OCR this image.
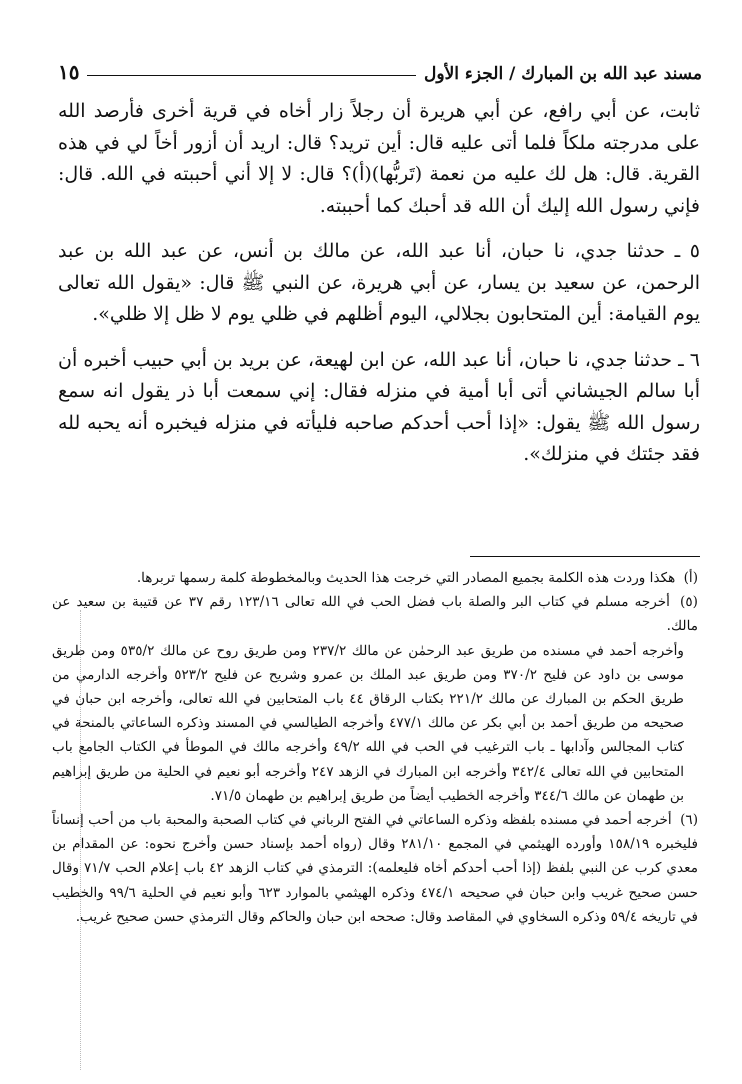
مسند عبد الله بن المبارك / الجزء الأول
١٥

ثابت، عن أبي رافع، عن أبي هريرة أن رجلاً زار أخاه في قرية أخرى فأرصد الله على مدرجته ملكاً فلما أتى عليه قال: أين تريد؟ قال: اريد أن أزور أخاً لي في هذه القرية. قال: هل لك عليه من نعمة (تَربُّها)(أ)؟ قال: لا إلا أني أحببته في الله. قال: فإني رسول الله إليك أن الله قد أحبك كما أحببته.

٥ ـ حدثنا جدي، نا حبان، أنا عبد الله، عن مالك بن أنس، عن عبد الله بن عبد الرحمن، عن سعيد بن يسار، عن أبي هريرة، عن النبي ﷺ قال: «يقول الله تعالى يوم القيامة: أين المتحابون بجلالي، اليوم أظلهم في ظلي يوم لا ظل إلا ظلي».

٦ ـ حدثنا جدي، نا حبان، أنا عبد الله، عن ابن لهيعة، عن بريد بن أبي حبيب أخبره أن أبا سالم الجيشاني أتى أبا أمية في منزله فقال: إني سمعت أبا ذر يقول انه سمع رسول الله ﷺ يقول: «إذا أحب أحدكم صاحبه فليأته في منزله فيخبره أنه يحبه لله فقد جئتك في منزلك».

(أ) هكذا وردت هذه الكلمة بجميع المصادر التي خرجت هذا الحديث وبالمخطوطة كلمة رسمها تربرها.

(٥) أخرجه مسلم في كتاب البر والصلة باب فضل الحب في الله تعالى ١٢٣/١٦ رقم ٣٧ عن قتيبة بن سعيد عن مالك.

وأخرجه أحمد في مسنده من طريق عبد الرحمٰن عن مالك ٢٣٧/٢ ومن طريق روح عن مالك ٥٣٥/٢ ومن طريق موسى بن داود عن فليح ٣٧٠/٢ ومن طريق عبد الملك بن عمرو وشريح عن فليح ٥٢٣/٢ وأخرجه الدارمي من طريق الحكم بن المبارك عن مالك ٢٢١/٢ بكتاب الرقاق ٤٤ باب المتحابين في الله تعالى، وأخرجه ابن حبان في صحيحه من طريق أحمد بن أبي بكر عن مالك ٤٧٧/١ وأخرجه الطيالسي في المسند وذكره الساعاتي بالمنحة في كتاب المجالس وآدابها ـ باب الترغيب في الحب في الله ٤٩/٢ وأخرجه مالك في الموطأ في الكتاب الجامع باب المتحابين في الله تعالى ٣٤٢/٤ وأخرجه ابن المبارك في الزهد ٢٤٧ وأخرجه أبو نعيم في الحلية من طريق إبراهيم بن طهمان عن مالك ٣٤٤/٦ وأخرجه الخطيب أيضاً من طريق إبراهيم بن طهمان ٧١/٥.

(٦) أخرجه أحمد في مسنده بلفظه وذكره الساعاتي في الفتح الرباني في كتاب الصحبة والمحبة باب من أحب إنساناً فليخبره ١٥٨/١٩ وأورده الهيثمي في المجمع ٢٨١/١٠ وقال (رواه أحمد بإسناد حسن وأخرج نحوه: عن المقدام بن معدي كرب عن النبي بلفظ (إذا أحب أحدكم أخاه فليعلمه): الترمذي في كتاب الزهد ٤٢ باب إعلام الحب ٧١/٧ وقال حسن صحيح غريب وابن حبان في صحيحه ٤٧٤/١ وذكره الهيثمي بالموارد ٦٢٣ وأبو نعيم في الحلية ٩٩/٦ والخطيب في تاريخه ٥٩/٤ وذكره السخاوي في المقاصد وقال: صححه ابن حبان والحاكم وقال الترمذي حسن صحيح غريب.
